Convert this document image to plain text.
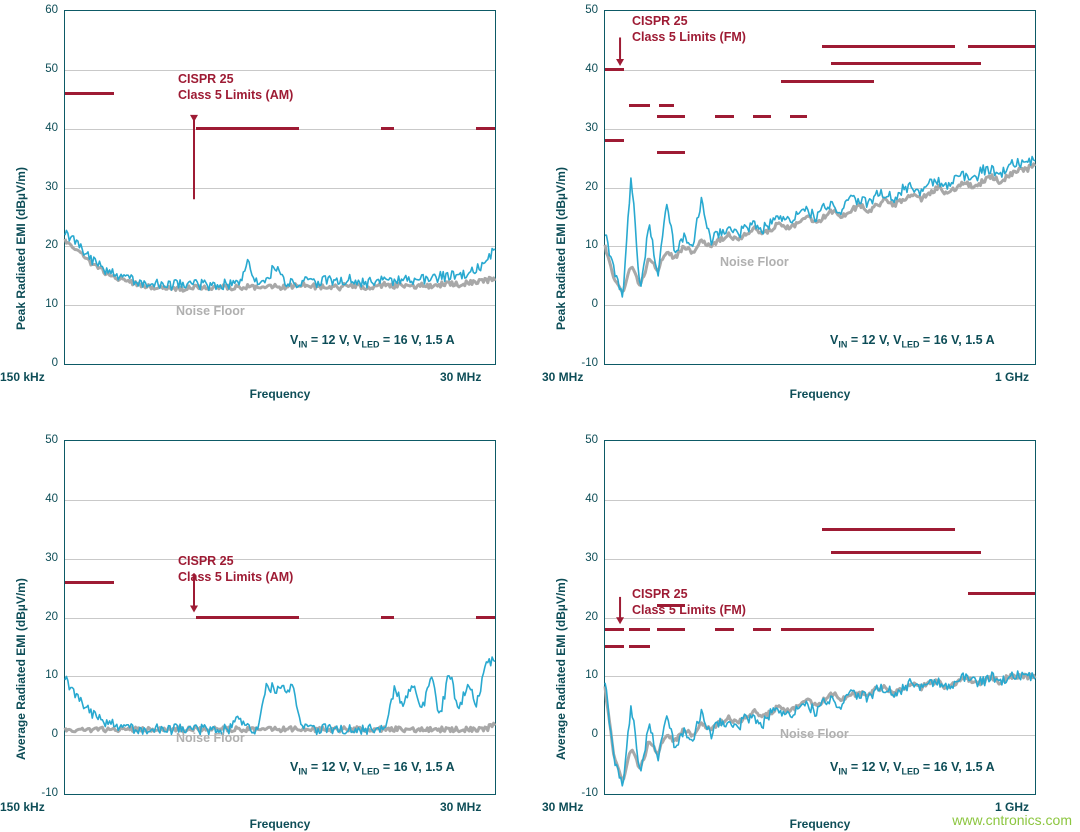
Peak Radiated EMI (dBµV/m)
60
50
40
30
20
10
0
150 kHz	30 MHz
Frequency
CISPR 25
Class 5 Limits (AM)
Noise Floor
$V_{IN} = 12$ V, $V_{LED} = 16$ V, 1.5 A
Peak Radiated EMI (dBµV/m)
50
40
30
20
10
0
-10
30 MHz	1 GHz
Frequency
CISPR 25
Class 5 Limits (FM)
Noise Floor
$V_{IN} = 12$ V, $V_{LED} = 16$ V, 1.5 A
Average Radiated EMI (dBµV/m)
50
40
30
20
10
0
-10
150 kHz	30 MHz
Frequency
CISPR 25
Class 5 Limits (AM)
Noise Floor
$V_{IN} = 12$ V, $V_{LED} = 16$ V, 1.5 A
Average Radiated EMI (dBµV/m)
50
40
30
20
10
0
-10
30 MHz	1 GHz
Frequency
CISPR 25
Class 5 Limits (FM)
Noise Floor
$V_{IN} = 12$ V, $V_{LED} = 16$ V, 1.5 A
www.cntronics.com
